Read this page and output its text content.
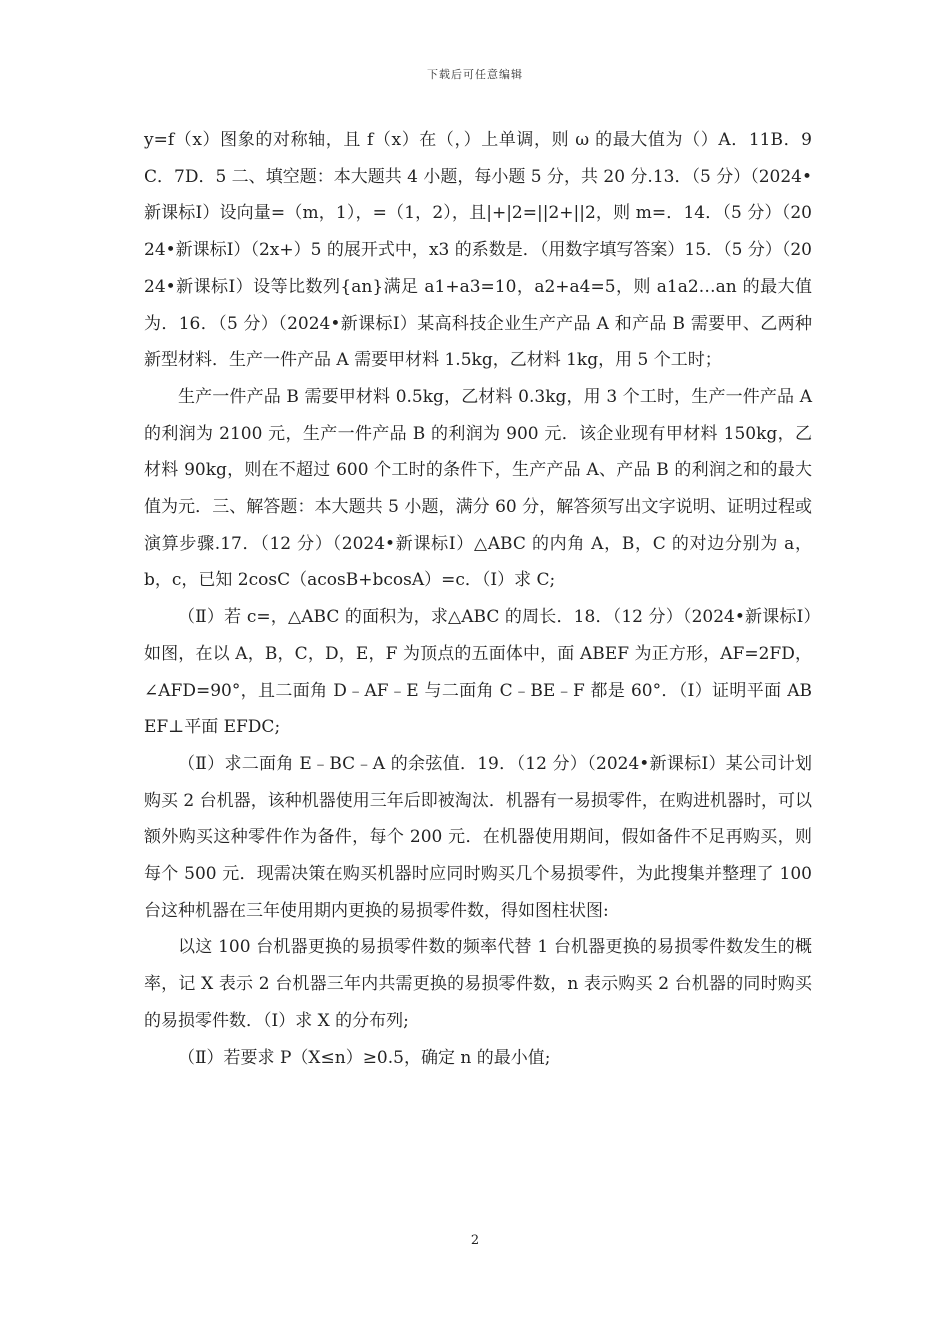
下载后可任意编辑

y=f（x）图象的对称轴，且 f（x）在（，）上单调，则 ω 的最大值为（）A．11B．9C．7D．5 二、填空题：本大题共 4 小题，每小题 5 分，共 20 分.13．（5 分）（2024•新课标Ⅰ）设向量=（m，1），=（1，2），且|+|2=||2+||2，则 m=．14．（5 分）（2024•新课标Ⅰ）（2x+）5 的展开式中，x3 的系数是．（用数字填写答案）15．（5 分）（2024•新课标Ⅰ）设等比数列{an}满足 a1+a3=10，a2+a4=5，则 a1a2…an 的最大值为．16．（5 分）（2024•新课标Ⅰ）某高科技企业生产产品 A 和产品 B 需要甲、乙两种新型材料．生产一件产品 A 需要甲材料 1.5kg，乙材料 1kg，用 5 个工时；

生产一件产品 B 需要甲材料 0.5kg，乙材料 0.3kg，用 3 个工时，生产一件产品 A 的利润为 2100 元，生产一件产品 B 的利润为 900 元．该企业现有甲材料 150kg，乙材料 90kg，则在不超过 600 个工时的条件下，生产产品 A、产品 B 的利润之和的最大值为元．三、解答题：本大题共 5 小题，满分 60 分，解答须写出文字说明、证明过程或演算步骤.17．（12 分）（2024•新课标Ⅰ）△ABC 的内角 A，B，C 的对边分别为 a，b，c，已知 2cosC（acosB+bcosA）=c．（Ⅰ）求 C;

（Ⅱ）若 c=，△ABC 的面积为，求△ABC 的周长．18．（12 分）（2024•新课标Ⅰ）如图，在以 A，B，C，D，E，F 为顶点的五面体中，面 ABEF 为正方形，AF=2FD，∠AFD=90°，且二面角 D﹣AF﹣E 与二面角 C﹣BE﹣F 都是 60°．（Ⅰ）证明平面 ABEF⊥平面 EFDC;

（Ⅱ）求二面角 E﹣BC﹣A 的余弦值．19．（12 分）（2024•新课标Ⅰ）某公司计划购买 2 台机器，该种机器使用三年后即被淘汰．机器有一易损零件，在购进机器时，可以额外购买这种零件作为备件，每个 200 元．在机器使用期间，假如备件不足再购买，则每个 500 元．现需决策在购买机器时应同时购买几个易损零件，为此搜集并整理了 100 台这种机器在三年使用期内更换的易损零件数，得如图柱状图:

以这 100 台机器更换的易损零件数的频率代替 1 台机器更换的易损零件数发生的概率，记 X 表示 2 台机器三年内共需更换的易损零件数，n 表示购买 2 台机器的同时购买的易损零件数．（Ⅰ）求 X 的分布列;

（Ⅱ）若要求 P（X≤n）≥0.5，确定 n 的最小值;

2
